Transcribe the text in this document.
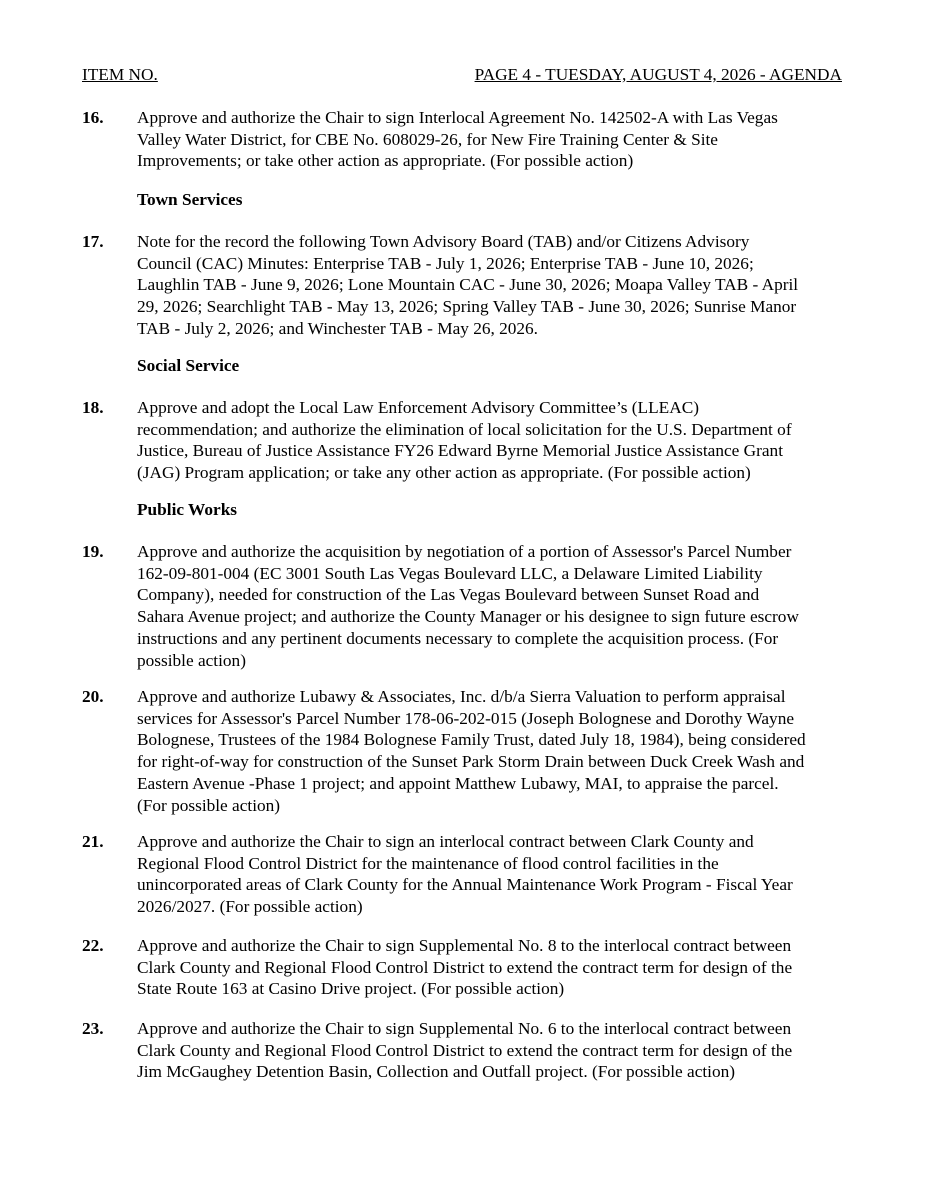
ITEM NO.	PAGE 4 - TUESDAY, AUGUST 4, 2026 - AGENDA
16. Approve and authorize the Chair to sign Interlocal Agreement No. 142502-A with Las Vegas
Valley Water District, for CBE No. 608029-26, for New Fire Training Center & Site
Improvements; or take other action as appropriate. (For possible action)
Town Services
17. Note for the record the following Town Advisory Board (TAB) and/or Citizens Advisory
Council (CAC) Minutes: Enterprise TAB - July 1, 2026; Enterprise TAB - June 10, 2026;
Laughlin TAB - June 9, 2026; Lone Mountain CAC - June 30, 2026; Moapa Valley TAB - April
29, 2026; Searchlight TAB - May 13, 2026; Spring Valley TAB - June 30, 2026; Sunrise Manor
TAB - July 2, 2026; and Winchester TAB - May 26, 2026.
Social Service
18. Approve and adopt the Local Law Enforcement Advisory Committee’s (LLEAC)
recommendation; and authorize the elimination of local solicitation for the U.S. Department of
Justice, Bureau of Justice Assistance FY26 Edward Byrne Memorial Justice Assistance Grant
(JAG) Program application; or take any other action as appropriate. (For possible action)
Public Works
19. Approve and authorize the acquisition by negotiation of a portion of Assessor's Parcel Number
162-09-801-004 (EC 3001 South Las Vegas Boulevard LLC, a Delaware Limited Liability
Company), needed for construction of the Las Vegas Boulevard between Sunset Road and
Sahara Avenue project; and authorize the County Manager or his designee to sign future escrow
instructions and any pertinent documents necessary to complete the acquisition process. (For
possible action)
20. Approve and authorize Lubawy & Associates, Inc. d/b/a Sierra Valuation to perform appraisal
services for Assessor's Parcel Number 178-06-202-015 (Joseph Bolognese and Dorothy Wayne
Bolognese, Trustees of the 1984 Bolognese Family Trust, dated July 18, 1984), being considered
for right-of-way for construction of the Sunset Park Storm Drain between Duck Creek Wash and
Eastern Avenue -Phase 1 project; and appoint Matthew Lubawy, MAI, to appraise the parcel.
(For possible action)
21. Approve and authorize the Chair to sign an interlocal contract between Clark County and
Regional Flood Control District for the maintenance of flood control facilities in the
unincorporated areas of Clark County for the Annual Maintenance Work Program - Fiscal Year
2026/2027. (For possible action)
22. Approve and authorize the Chair to sign Supplemental No. 8 to the interlocal contract between
Clark County and Regional Flood Control District to extend the contract term for design of the
State Route 163 at Casino Drive project. (For possible action)
23. Approve and authorize the Chair to sign Supplemental No. 6 to the interlocal contract between
Clark County and Regional Flood Control District to extend the contract term for design of the
Jim McGaughey Detention Basin, Collection and Outfall project. (For possible action)
